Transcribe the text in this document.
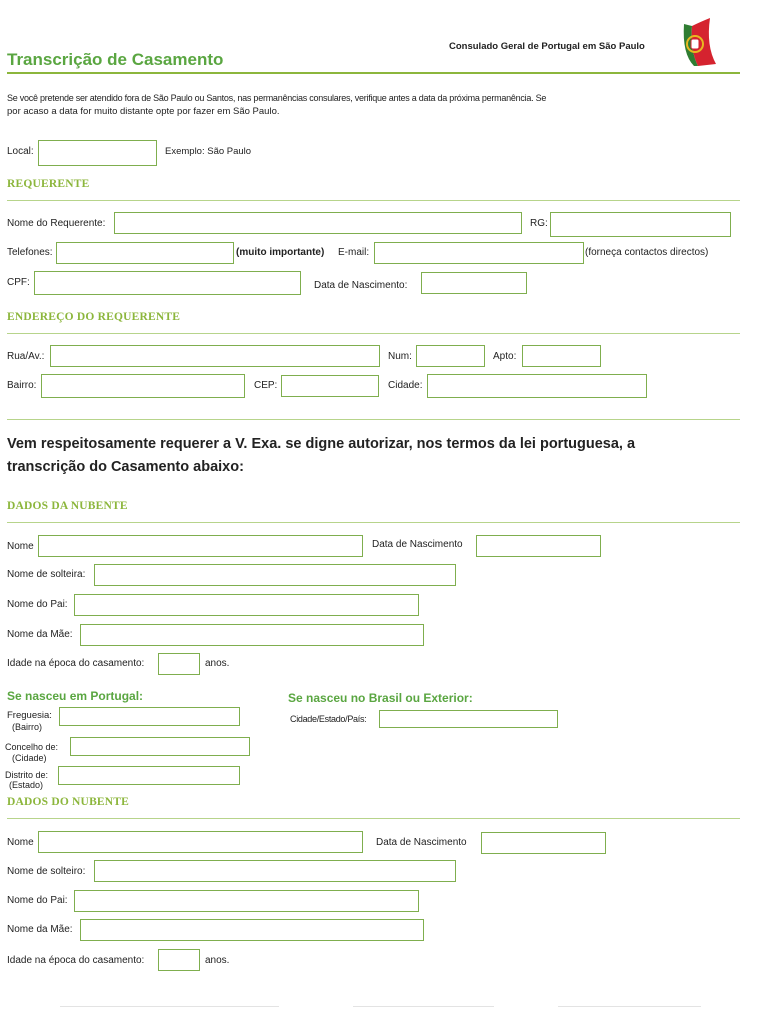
Transcrição de Casamento
Consulado Geral de Portugal em São Paulo
Se você pretende ser atendido fora de São Paulo ou Santos, nas permanências consulares, verifique antes a data da próxima permanência. Se
por acaso a data for muito distante opte por fazer em São Paulo.
Local:	Exemplo: São Paulo
REQUERENTE
Nome do Requerente:	RG:
Telefones:	(muito importante) E-mail:	(forneça contactos directos)
CPF:	Data de Nascimento:
ENDEREÇO DO REQUERENTE
Rua/Av.:	Num:	Apto:
Bairro:	CEP:	Cidade:
Vem respeitosamente requerer a V. Exa. se digne autorizar, nos termos da lei portuguesa, a
transcrição do Casamento abaixo:
DADOS DA NUBENTE
Nome	Data de Nascimento
Nome de solteira:
Nome do Pai:
Nome da Mãe:
Idade na época do casamento:	anos.
Se nasceu em Portugal:	Se nasceu no Brasil ou Exterior:
Freguesia:
(Bairro)
Cidade/Estado/País:
Concelho de:
(Cidade)
Distrito de:
(Estado)
DADOS DO NUBENTE
Nome	Data de Nascimento
Nome de solteiro:
Nome do Pai:
Nome da Mãe:
Idade na época do casamento:	anos.
